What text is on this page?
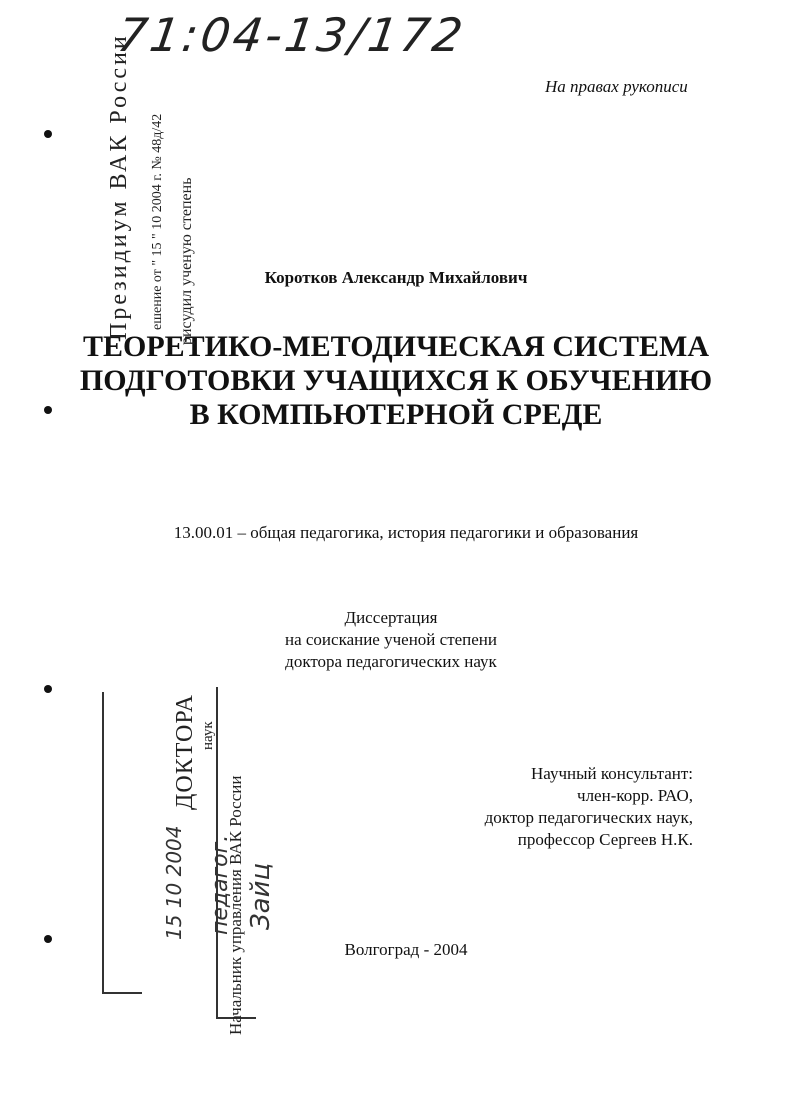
71:04-13/172
На правах рукописи
Коротков Александр Михайлович
ТЕОРЕТИКО-МЕТОДИЧЕСКАЯ СИСТЕМА
ПОДГОТОВКИ УЧАЩИХСЯ К ОБУЧЕНИЮ
В КОМПЬЮТЕРНОЙ СРЕДЕ
13.00.01 – общая педагогика, история педагогики и образования
Диссертация
на соискание ученой степени
доктора педагогических наук
Научный консультант:
член-корр. РАО,
доктор педагогических наук,
профессор Сергеев Н.К.
Волгоград - 2004
Президиум ВАК России ешение от " 15 " 10 2004 г. № 48д/42 рисудил ученую степень
ДОКТОРА
Начальник управления ВАК России
наук
15 10 2004 педагог. Зайц
